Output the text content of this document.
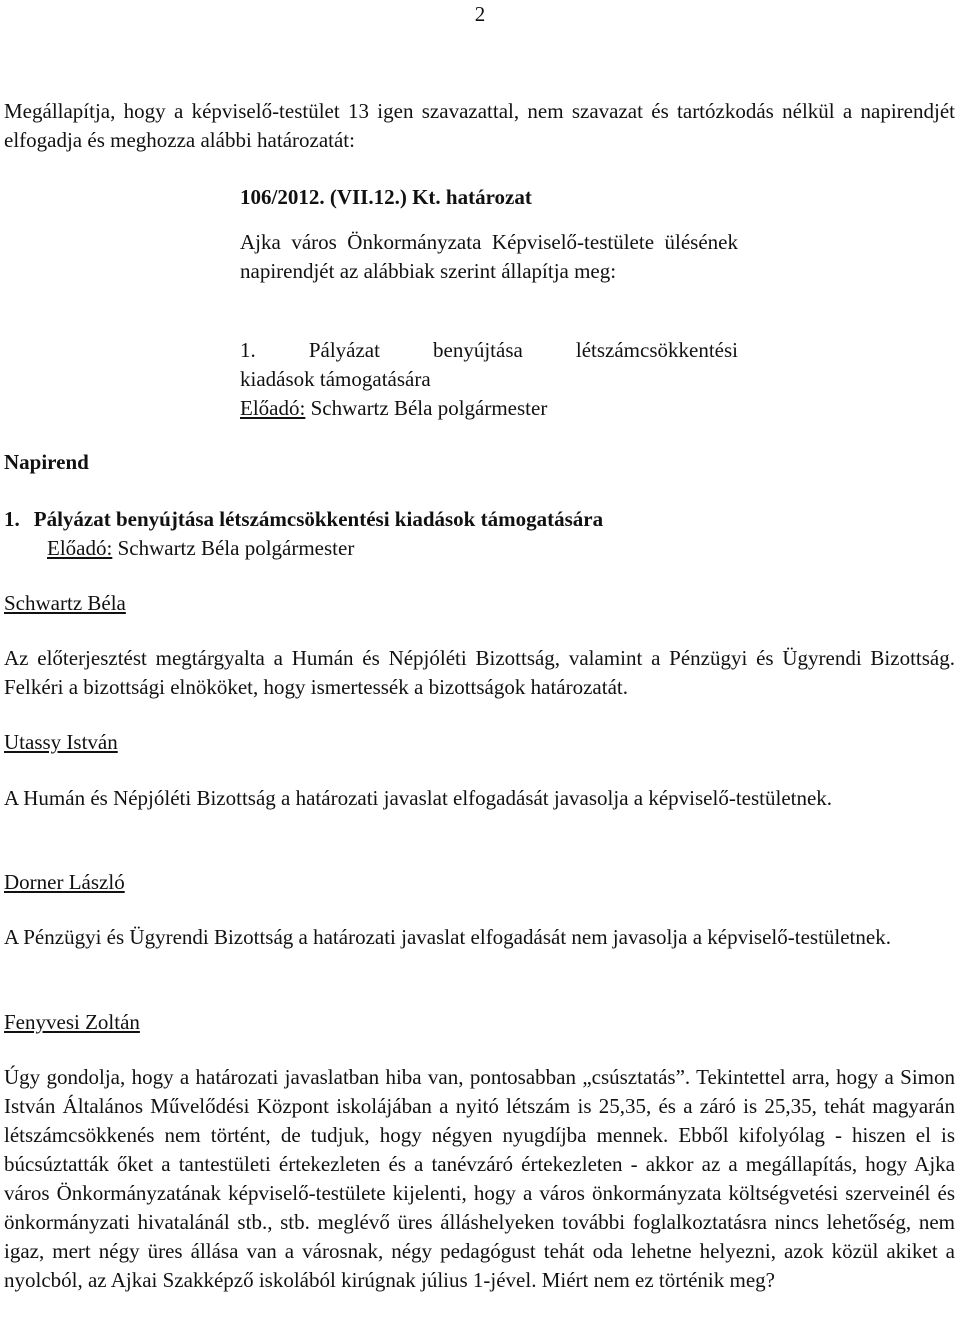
2
Megállapítja, hogy a képviselő-testület 13 igen szavazattal, nem szavazat és tartózkodás nélkül a napirendjét elfogadja és meghozza alábbi határozatát:
106/2012. (VII.12.) Kt. határozat
Ajka város Önkormányzata Képviselő-testülete ülésének napirendjét az alábbiak szerint állapítja meg:
1. Pályázat benyújtása létszámcsökkentési
kiadások támogatására
Előadó: Schwartz Béla polgármester
Napirend
1. Pályázat benyújtása létszámcsökkentési kiadások támogatására
Előadó: Schwartz Béla polgármester
Schwartz Béla
Az előterjesztést megtárgyalta a Humán és Népjóléti Bizottság, valamint a Pénzügyi és Ügyrendi Bizottság. Felkéri a bizottsági elnököket, hogy ismertessék a bizottságok határozatát.
Utassy István
A Humán és Népjóléti Bizottság a határozati javaslat elfogadását javasolja a képviselő-testületnek.
Dorner László
A Pénzügyi és Ügyrendi Bizottság a határozati javaslat elfogadását nem javasolja a képviselő-testületnek.
Fenyvesi Zoltán
Úgy gondolja, hogy a határozati javaslatban hiba van, pontosabban „csúsztatás”. Tekintettel arra, hogy a Simon István Általános Művelődési Központ iskolájában a nyitó létszám is 25,35, és a záró is 25,35, tehát magyarán létszámcsökkenés nem történt, de tudjuk, hogy négyen nyugdíjba mennek. Ebből kifolyólag - hiszen el is búcsúztatták őket a tantestületi értekezleten és a tanévzáró értekezleten - akkor az a megállapítás, hogy Ajka város Önkormányzatának képviselő-testülete kijelenti, hogy a város önkormányzata költségvetési szerveinél és önkormányzati hivatalánál stb., stb. meglévő üres álláshelyeken további foglalkoztatásra nincs lehetőség, nem igaz, mert négy üres állása van a városnak, négy pedagógust tehát oda lehetne helyezni, azok közül akiket a nyolcból, az Ajkai Szakképző iskolából kirúgnak július 1-jével. Miért nem ez történik meg?
